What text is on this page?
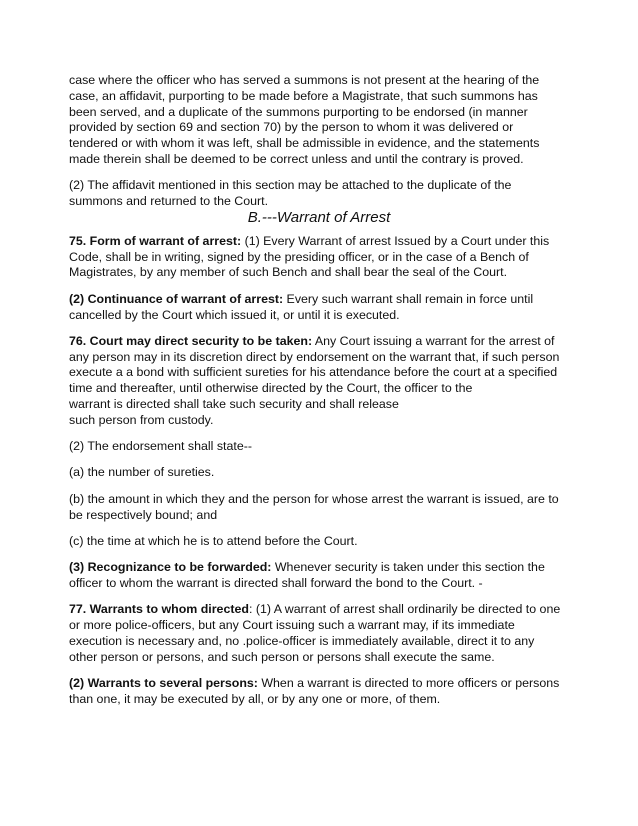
case where the officer who has served a summons is not present at the hearing of the
case, an affidavit, purporting to be made before a Magistrate, that such summons has
been served, and a duplicate of the summons purporting to be endorsed (in manner
provided by section 69 and section 70) by the person to whom it was delivered or
tendered or with whom it was left, shall be admissible in evidence, and the statements
made therein shall be deemed to be correct unless and until the contrary is proved.

(2) The affidavit mentioned in this section may be attached to the duplicate of the
summons and returned to the Court.

B.---Warrant of Arrest

75. Form of warrant of arrest: (1) Every Warrant of arrest Issued by a Court under this
Code, shall be in writing, signed by the presiding officer, or in the case of a Bench of
Magistrates, by any member of such Bench and shall bear the seal of the Court.

(2) Continuance of warrant of arrest: Every such warrant shall remain in force until
cancelled by the Court which issued it, or until it is executed.

76. Court may direct security to be taken: Any Court issuing a warrant for the arrest of
any person may in its discretion direct by endorsement on the warrant that, if such person
execute a a bond with sufficient sureties for his attendance before the court at a specified
time and thereafter, until otherwise directed by the Court, the officer to the
warrant is directed shall take such security and shall release
such person from custody.

(2) The endorsement shall state--

(a) the number of sureties.

(b) the amount in which they and the person for whose arrest the warrant is issued, are to
be respectively bound; and

(c) the time at which he is to attend before the Court.

(3) Recognizance to be forwarded: Whenever security is taken under this section the
officer to whom the warrant is directed shall forward the bond to the Court. -

77. Warrants to whom directed: (1) A warrant of arrest shall ordinarily be directed to one
or more police-officers, but any Court issuing such a warrant may, if its immediate
execution is necessary and, no .police-officer is immediately available, direct it to any
other person or persons, and such person or persons shall execute the same.

(2) Warrants to several persons: When a warrant is directed to more officers or persons
than one, it may be executed by all, or by any one or more, of them.
